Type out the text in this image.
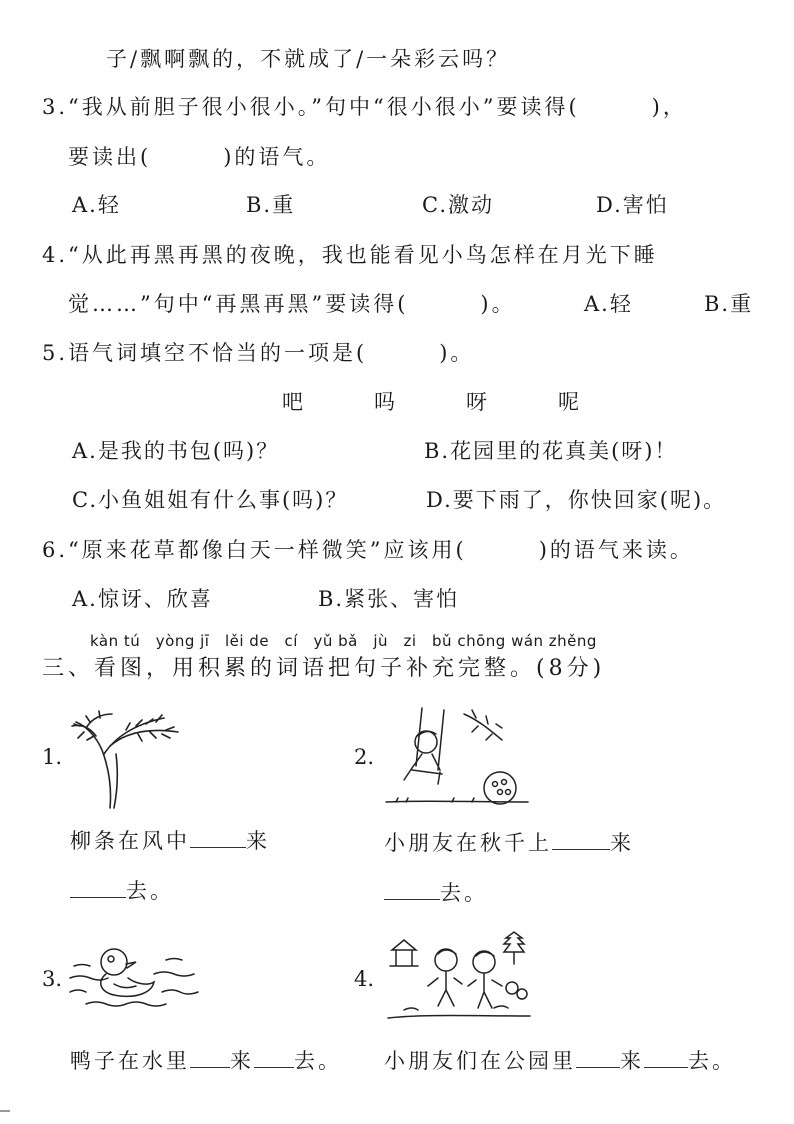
子/飘啊飘的，不就成了/一朵彩云吗？
3.“我从前胆子很小很小。”句中“很小很小”要读得(　　　)，
要读出(　　　)的语气。
A.轻	B.重	C.激动	D.害怕
4.“从此再黑再黑的夜晚，我也能看见小鸟怎样在月光下睡
觉……”句中“再黑再黑”要读得(　　　)。	A.轻	B.重
5.语气词填空不恰当的一项是(　　　)。
吧	吗	呀	呢
A.是我的书包(吗)？	B.花园里的花真美(呀)！
C.小鱼姐姐有什么事(吗)？	D.要下雨了，你快回家(呢)。
6.“原来花草都像白天一样微笑”应该用(　　　)的语气来读。
A.惊讶、欣喜	B.紧张、害怕
kàn tú　yòng jī　lěi de　cí　yǔ bǎ　jù　zi　bǔ chōng wán zhěng
三、看图，用积累的词语把句子补充完整。(8分)
1.
柳条在风中	来
去。
2.
小朋友在秋千上	来
去。
3.
鸭子在水里 来 去。
4.
小朋友们在公园里 来 去。
